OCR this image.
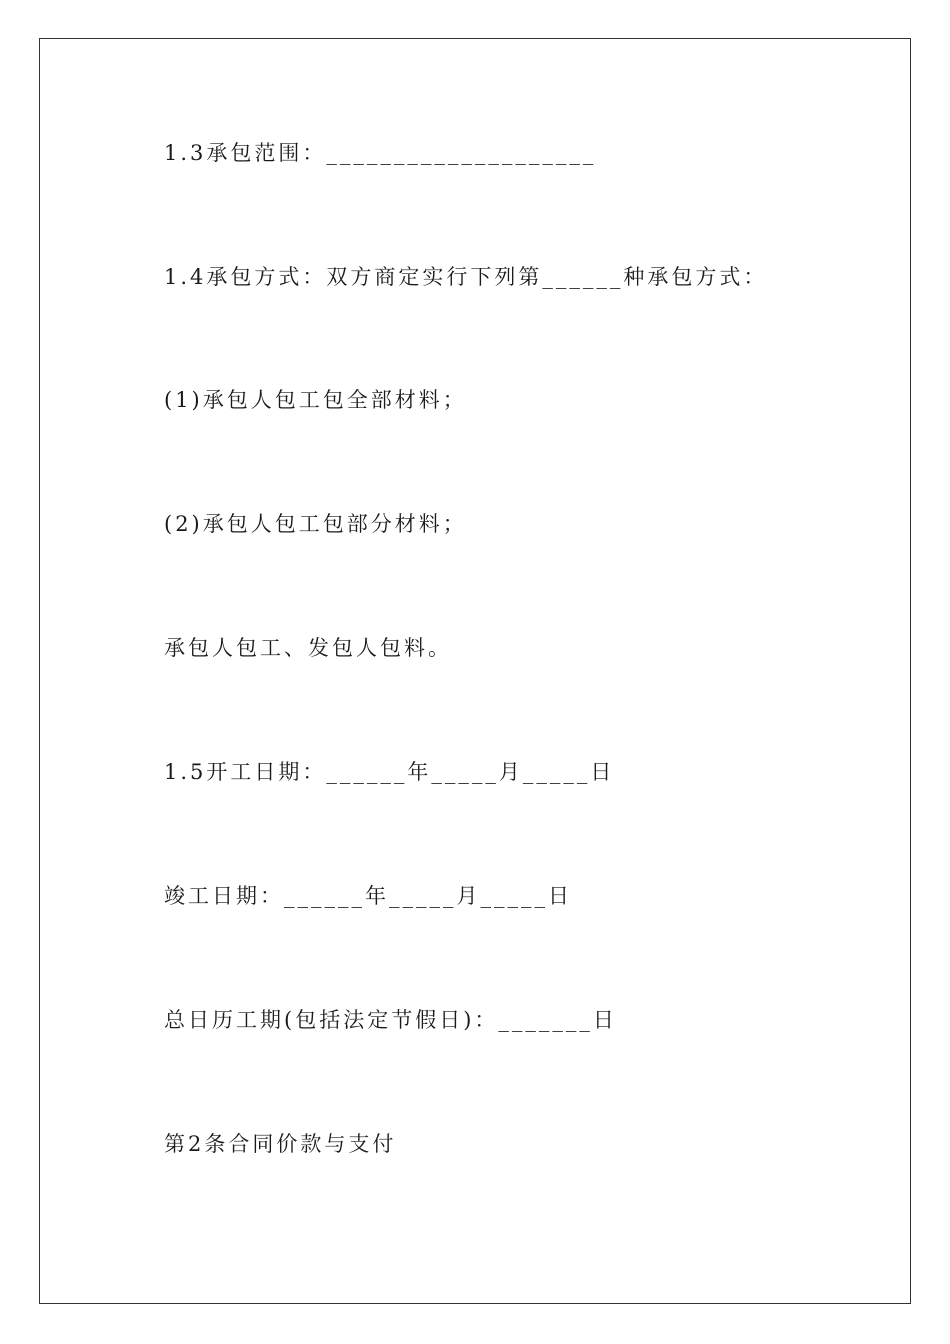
1.3承包范围：____________________
1.4承包方式：双方商定实行下列第______种承包方式：
(1)承包人包工包全部材料；
(2)承包人包工包部分材料；
承包人包工、发包人包料。
1.5开工日期：______年_____月_____日
竣工日期：______年_____月_____日
总日历工期(包括法定节假日)：_______日
第2条合同价款与支付
